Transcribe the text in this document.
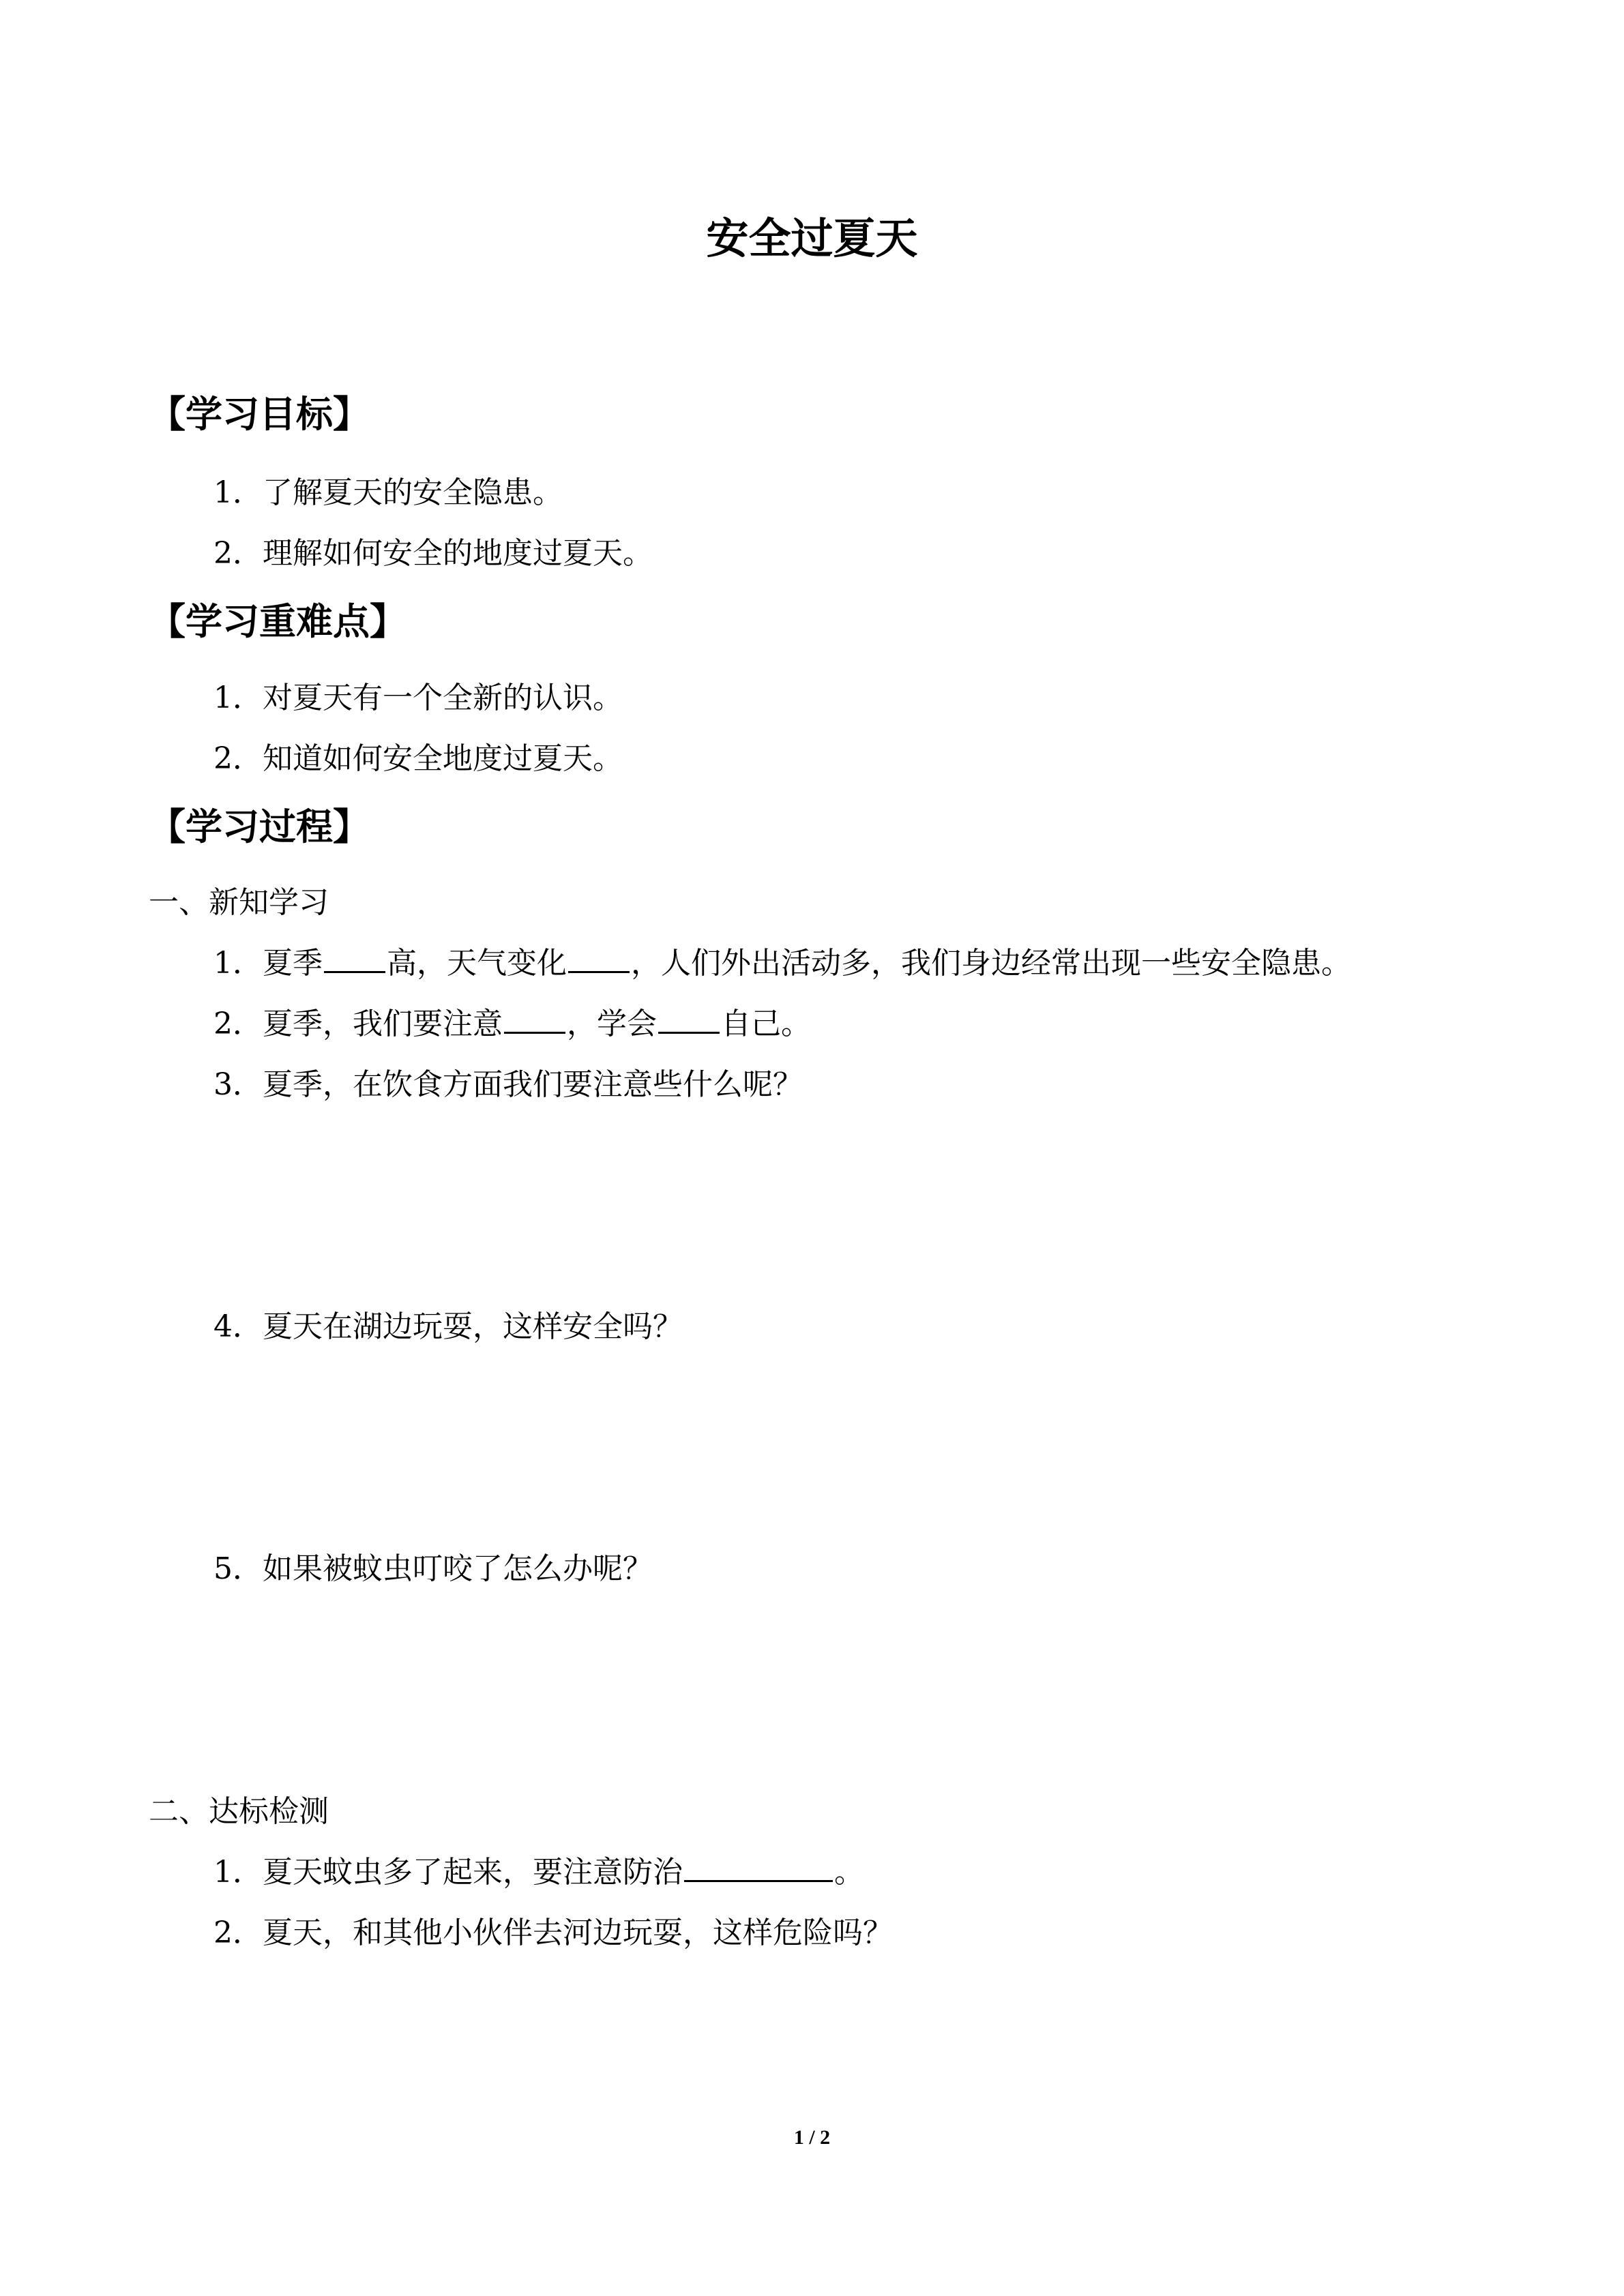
安全过夏天
【学习目标】
1．了解夏天的安全隐患。
2．理解如何安全的地度过夏天。
【学习重难点】
1．对夏天有一个全新的认识。
2．知道如何安全地度过夏天。
【学习过程】
一、新知学习
1．夏季 高，天气变化 ，人们外出活动多，我们身边经常出现一些安全隐患。
2．夏季，我们要注意 ，学会 自己。
3．夏季，在饮食方面我们要注意些什么呢？
4．夏天在湖边玩耍，这样安全吗？
5．如果被蚊虫叮咬了怎么办呢？
二、达标检测
1．夏天蚊虫多了起来，要注意防治	。
2．夏天，和其他小伙伴去河边玩耍，这样危险吗？
1 / 2
